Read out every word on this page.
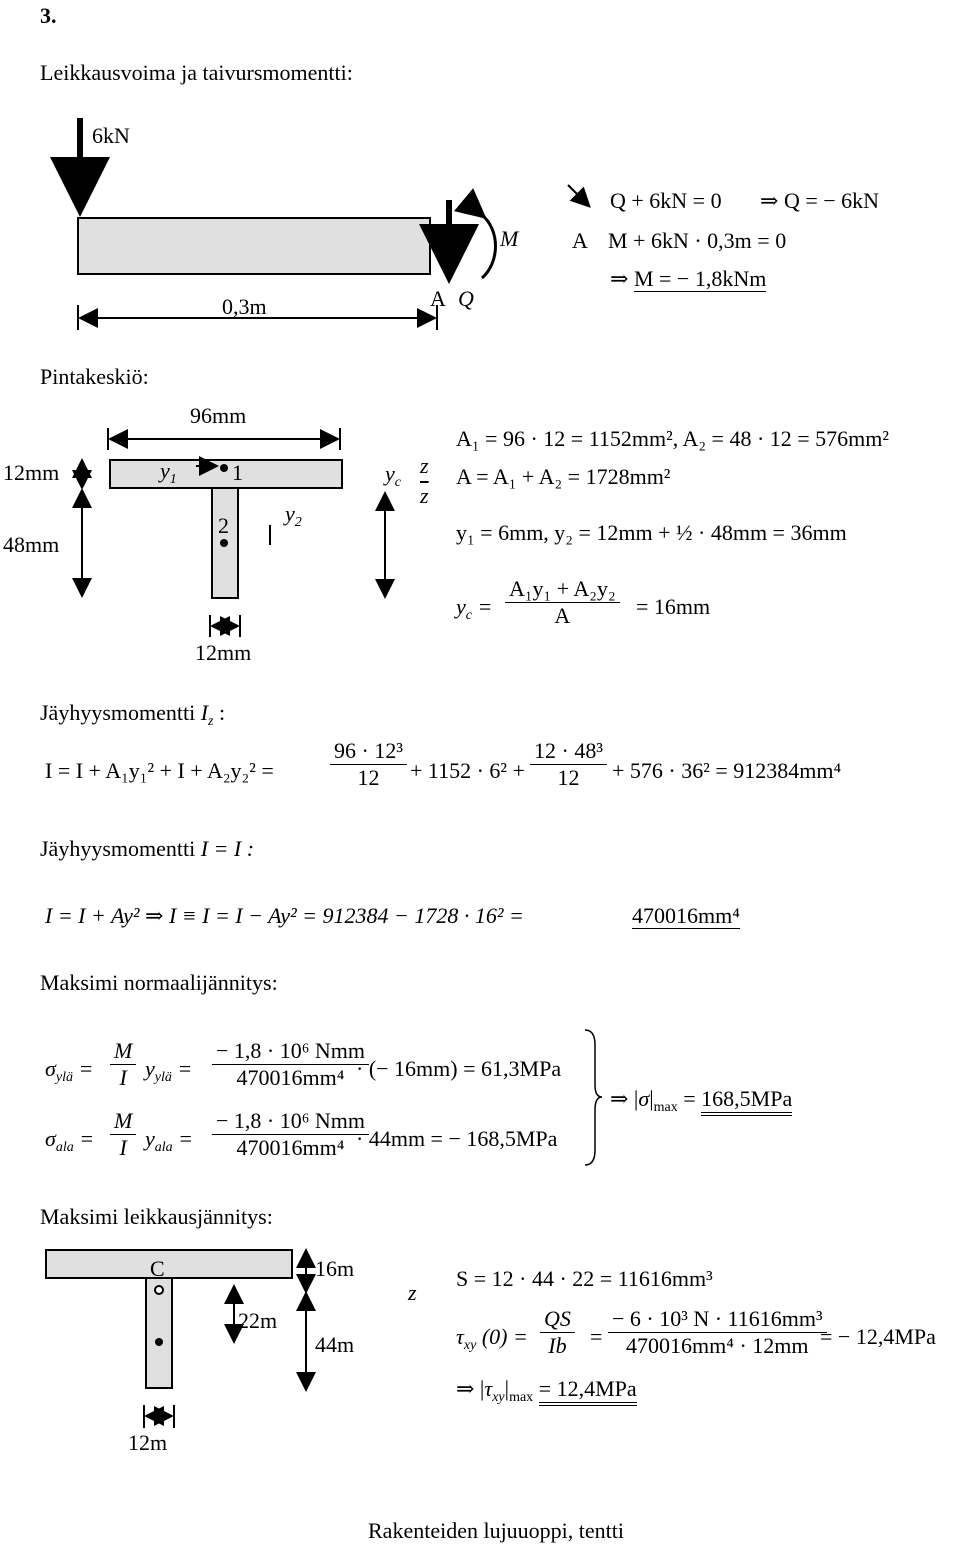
3.
Leikkausvoima ja taivursmomentti:
6kN
0,3m	A Q
M
Q + 6kN = 0 ⇒ Q = − 6kN
A M + 6kN · 0,3m = 0
⇒ M = − 1,8kNm
Pintakeskiö:
96mm
12mm
48mm
12mm
$y_1$	1
2	$y_2$
$y_c$
z
$\overline{z}$
A₁ = 96 · 12 = 1152mm², A₂ = 48 · 12 = 576mm²
A = A₁ + A₂ = 1728mm²
y₁ = 6mm, y₂ = 12mm + ½ · 48mm = 36mm
$y_c = \frac{\text{A₁y₁ + A₂y₂}}{A} = 16mm$
Jäyhyysmomentti $I_z$ :
I = I + A₁y₁² + I + A₂y₂² =	$\frac{\text{96 · 12³}}{12} + 1152 \cdot 6^2 + \frac{\text{12 · 48³}}{12} + 576 \cdot 36^2 = 912384mm^4$
Jäyhyysmomentti I = I :
I = I + Ay² ⇒ I ≡ I = I − Ay² = 912384 − 1728 · 16² =	470016mm⁴
Maksimi normaalijännitys:
$\sigma_{ylä} = \frac{M}{I} y_{ylä}$ =
− 1,8 · 10⁶ Nmm
470016mm⁴ · (− 16mm) = 61,3MPa
$\sigma_{ala} = \frac{M}{I} y_{ala}$ =
− 1,8 · 10⁶ Nmm
470016mm⁴ · 44mm = − 168,5MPa
⇒ $|\sigma|_{max} = 168,5MPa$
Maksimi leikkausjännitys:
C	16m
22m
44m
12m
z
S = 12 · 44 · 22 = 11616mm³
$\tau_{xy}$ $(0) = \frac{QS}{Ib} = \frac{\text{− 6 · 10³ N · 11616mm³}}{\text{470016mm⁴ · 12mm}}$
= − 12,4MPa
⇒ $|\tau_{xy}|_{max} = 12,4MPa$
Rakenteiden lujuuoppi, tentti
